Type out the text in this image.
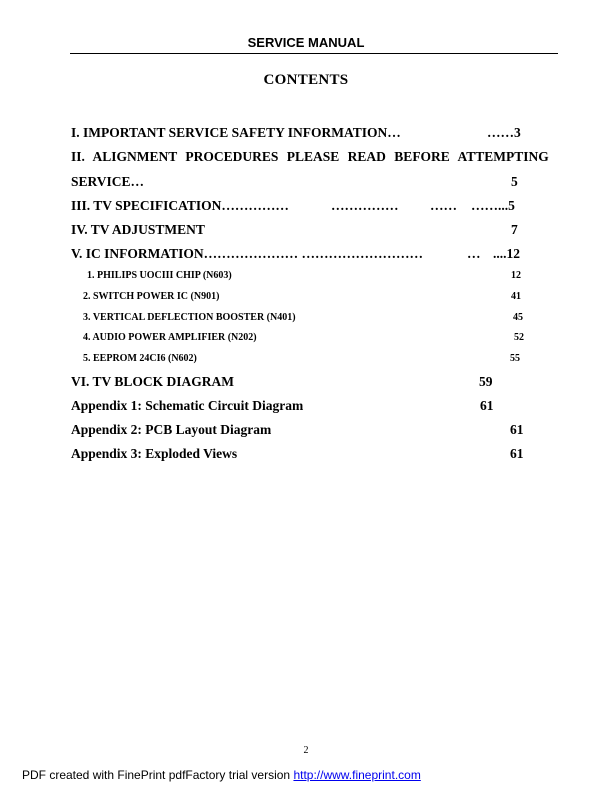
SERVICE MANUAL
CONTENTS
I. IMPORTANT SERVICE SAFETY INFORMATION…	……3
II. ALIGNMENT PROCEDURES PLEASE READ BEFORE ATTEMPTING
SERVICE…	5
III. TV SPECIFICATION……………	…………… …… ……...5
IV. TV ADJUSTMENT	7
V. IC INFORMATION………………… ………………………	… ....12
1. PHILIPS UOCIII CHIP (N603)	12
2. SWITCH POWER IC (N901)	41
3. VERTICAL DEFLECTION BOOSTER (N401)	45
4. AUDIO POWER AMPLIFIER (N202)	52
5. EEPROM 24CI6 (N602)	55
VI. TV BLOCK DIAGRAM	59
Appendix 1: Schematic Circuit Diagram	61
Appendix 2: PCB Layout Diagram	61
Appendix 3: Exploded Views	61
2
PDF created with FinePrint pdfFactory trial version http://www.fineprint.com
